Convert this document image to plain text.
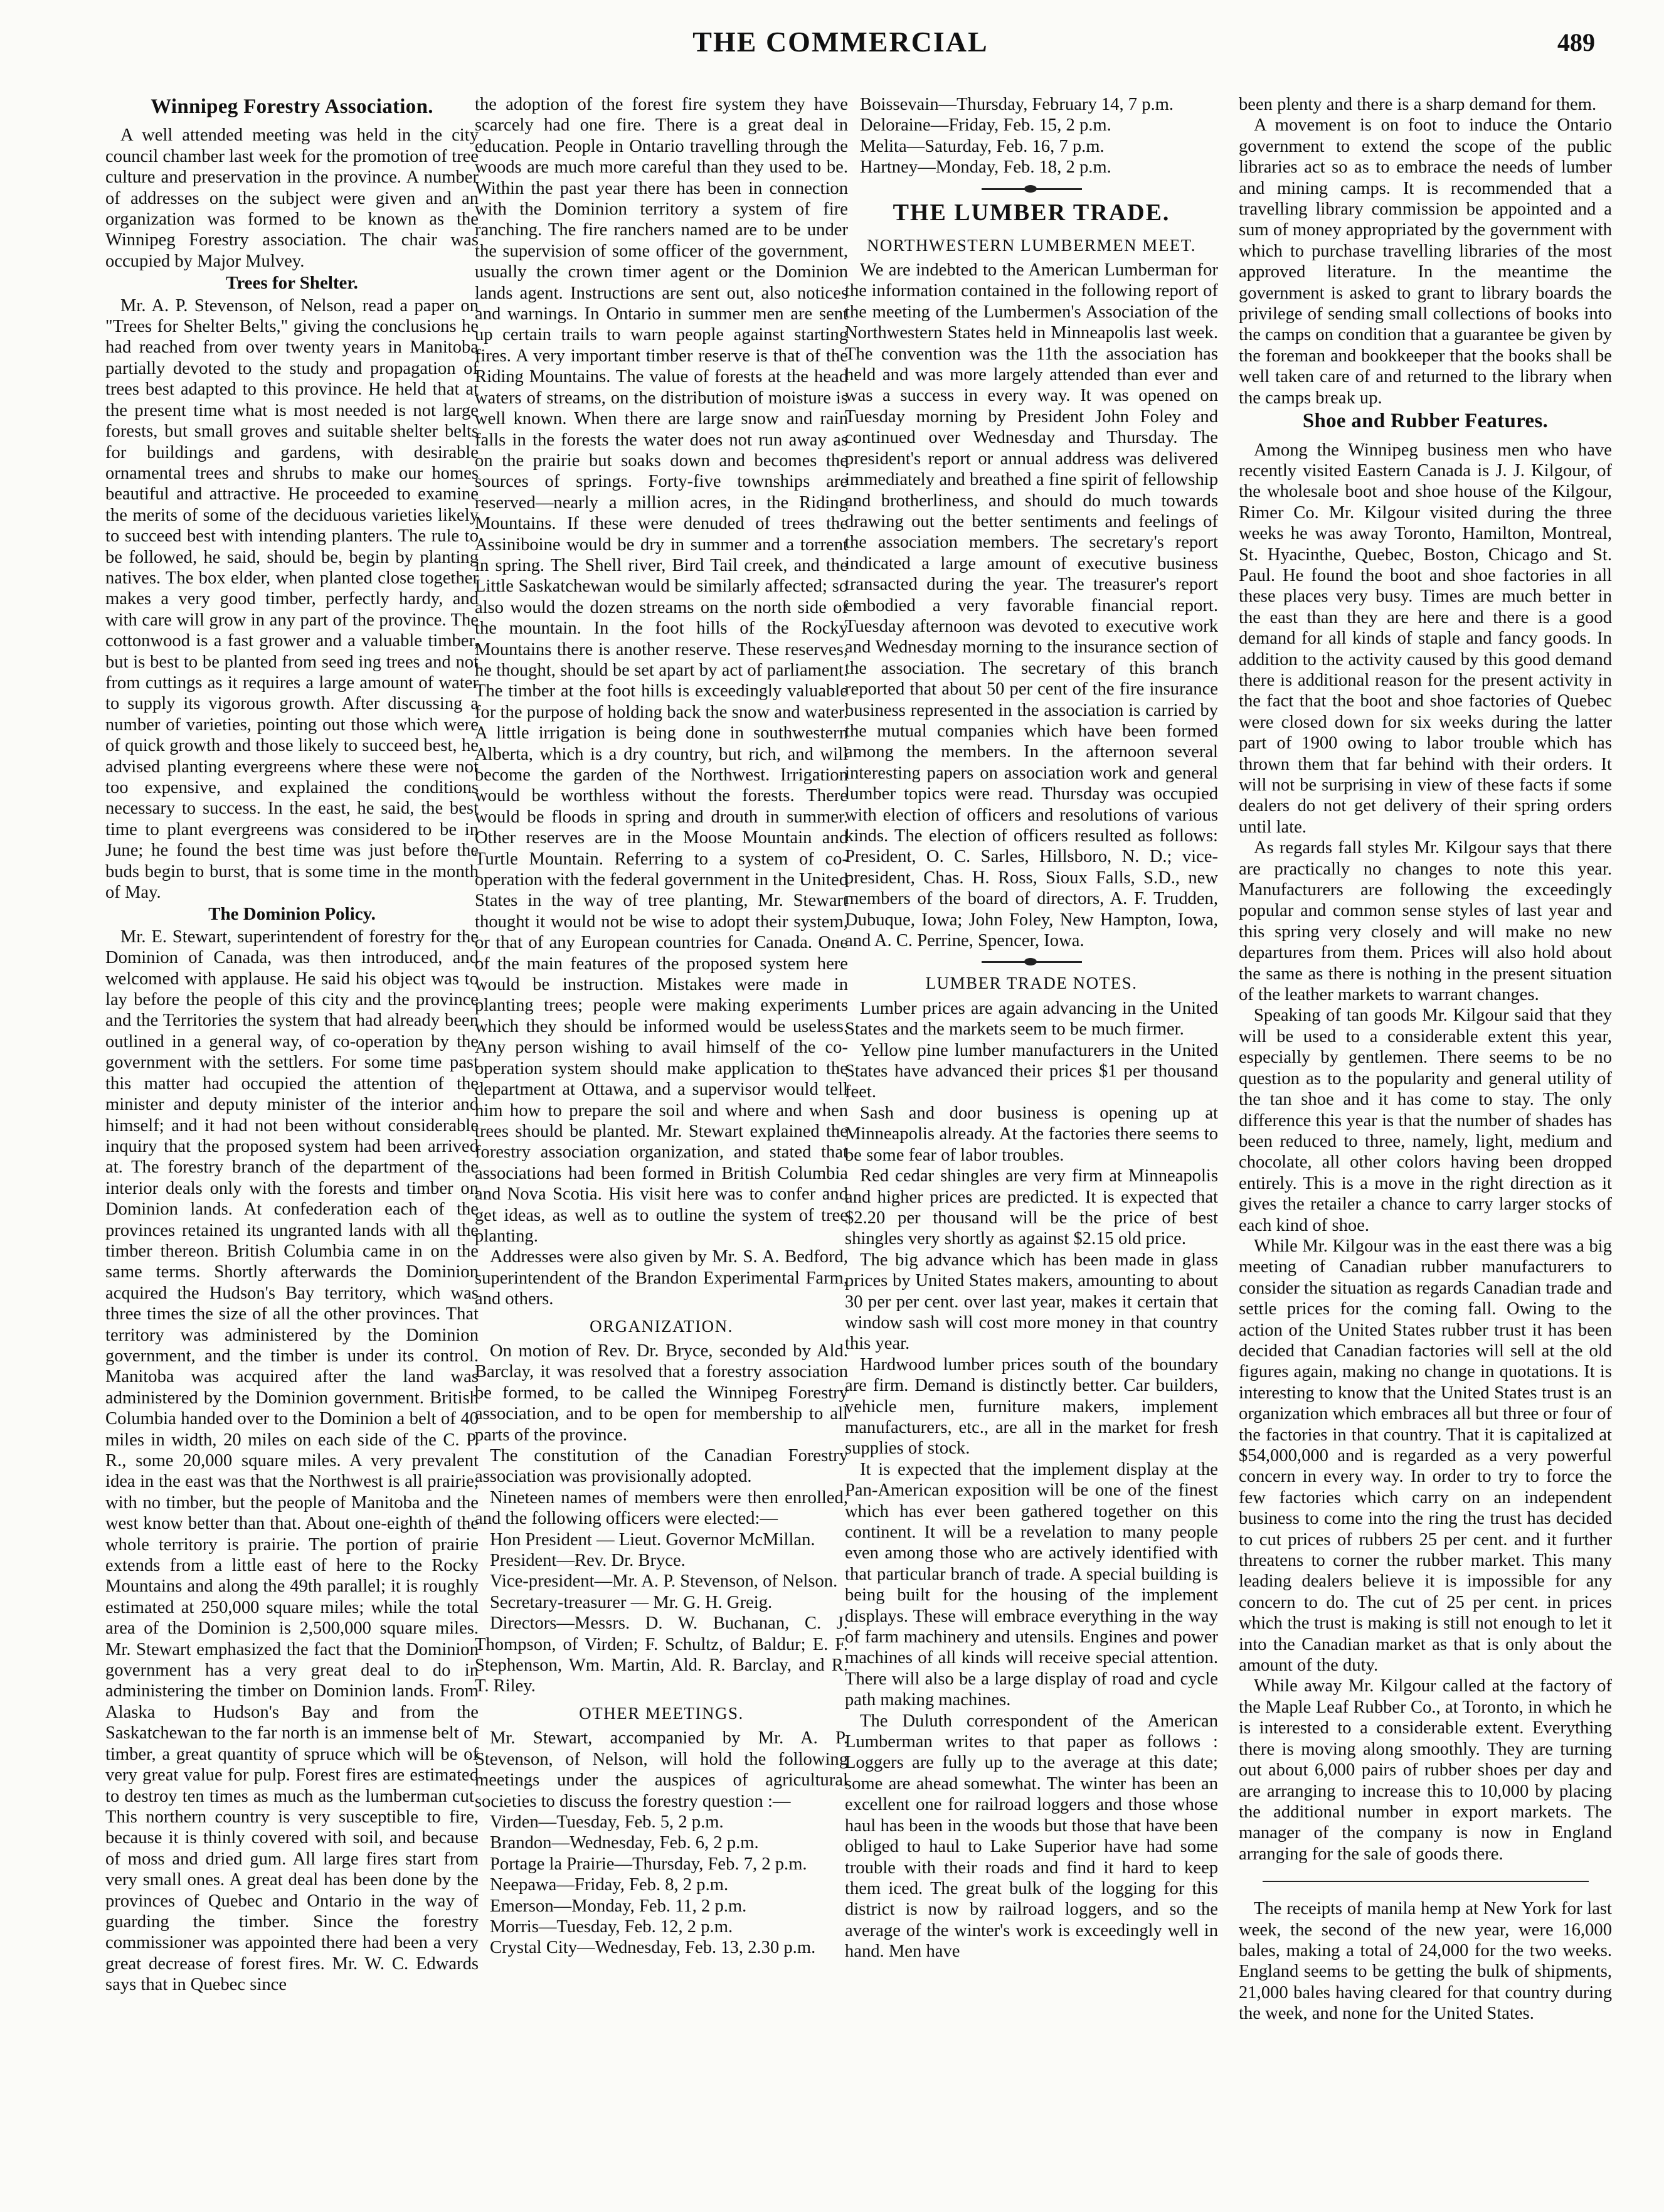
THE COMMERCIAL	489
Winnipeg Forestry Association.

A well attended meeting was held in the city council chamber last week for the promotion of tree culture and preservation in the province. A number of addresses on the subject were given and an organization was formed to be known as the Winnipeg Forestry association. The chair was occupied by Major Mulvey.

Trees for Shelter.

Mr. A. P. Stevenson, of Nelson, read a paper on "Trees for Shelter Belts," giving the conclusions he had reached from over twenty years in Manitoba partially devoted to the study and propagation of trees best adapted to this province. He held that at the present time what is most needed is not large forests, but small groves and suitable shelter belts for buildings and gardens, with desirable ornamental trees and shrubs to make our homes beautiful and attractive. He proceeded to examine the merits of some of the deciduous varieties likely to succeed best with intending planters. The rule to be followed, he said, should be, begin by planting natives. The box elder, when planted close together makes a very good timber, perfectly hardy, and with care will grow in any part of the province. The cottonwood is a fast grower and a valuable timber, but is best to be planted from seed ing trees and not from cuttings as it requires a large amount of water to supply its vigorous growth. After discussing a number of varieties, pointing out those which were of quick growth and those likely to succeed best, he advised planting evergreens where these were not too expensive, and explained the conditions necessary to success. In the east, he said, the best time to plant evergreens was considered to be in June; he found the best time was just before the buds begin to burst, that is some time in the month of May.

The Dominion Policy.

Mr. E. Stewart, superintendent of forestry for the Dominion of Canada, was then introduced, and welcomed with applause. He said his object was to lay before the people of this city and the province and the Territories the system that had already been outlined in a general way, of co-operation by the government with the settlers. For some time past this matter had occupied the attention of the minister and deputy minister of the interior and himself; and it had not been without considerable inquiry that the proposed system had been arrived at. The forestry branch of the department of the interior deals only with the forests and timber on Dominion lands. At confederation each of the provinces retained its ungranted lands with all the timber thereon. British Columbia came in on the same terms. Shortly afterwards the Dominion acquired the Hudson's Bay territory, which was three times the size of all the other provinces. That territory was administered by the Dominion government, and the timber is under its control. Manitoba was acquired after the land was administered by the Dominion government. British Columbia handed over to the Dominion a belt of 40 miles in width, 20 miles on each side of the C. P. R., some 20,000 square miles. A very prevalent idea in the east was that the Northwest is all prairie, with no timber, but the people of Manitoba and the west know better than that. About one-eighth of the whole territory is prairie. The portion of prairie extends from a little east of here to the Rocky Mountains and along the 49th parallel; it is roughly estimated at 250,000 square miles; while the total area of the Dominion is 2,500,000 square miles. Mr. Stewart emphasized the fact that the Dominion government has a very great deal to do in administering the timber on Dominion lands. From Alaska to Hudson's Bay and from the Saskatchewan to the far north is an immense belt of timber, a great quantity of spruce which will be of very great value for pulp. Forest fires are estimated to destroy ten times as much as the lumberman cut. This northern country is very susceptible to fire, because it is thinly covered with soil, and because of moss and dried gum. All large fires start from very small ones. A great deal has been done by the provinces of Quebec and Ontario in the way of guarding the timber. Since the forestry commissioner was appointed there had been a very great decrease of forest fires. Mr. W. C. Edwards says that in Quebec since

the adoption of the forest fire system they have scarcely had one fire. There is a great deal in education. People in Ontario travelling through the woods are much more careful than they used to be. Within the past year there has been in connection with the Dominion territory a system of fire ranching. The fire ranchers named are to be under the supervision of some officer of the government, usually the crown timer agent or the Dominion lands agent. Instructions are sent out, also notices and warnings. In Ontario in summer men are sent up certain trails to warn people against starting fires. A very important timber reserve is that of the Riding Mountains. The value of forests at the head waters of streams, on the distribution of moisture is well known. When there are large snow and rain falls in the forests the water does not run away as on the prairie but soaks down and becomes the sources of springs. Forty-five townships are reserved—nearly a million acres, in the Riding Mountains. If these were denuded of trees the Assiniboine would be dry in summer and a torrent in spring. The Shell river, Bird Tail creek, and the Little Saskatchewan would be similarly affected; so also would the dozen streams on the north side of the mountain. In the foot hills of the Rocky Mountains there is another reserve. These reserves, he thought, should be set apart by act of parliament. The timber at the foot hills is exceedingly valuable for the purpose of holding back the snow and water. A little irrigation is being done in southwestern Alberta, which is a dry country, but rich, and will become the garden of the Northwest. Irrigation would be worthless without the forests. There would be floods in spring and drouth in summer. Other reserves are in the Moose Mountain and Turtle Mountain. Referring to a system of co-operation with the federal government in the United States in the way of tree planting, Mr. Stewart thought it would not be wise to adopt their system, or that of any European countries for Canada. One of the main features of the proposed system here would be instruction. Mistakes were made in planting trees; people were making experiments which they should be informed would be useless. Any person wishing to avail himself of the co-operation system should make application to the department at Ottawa, and a supervisor would tell him how to prepare the soil and where and when trees should be planted. Mr. Stewart explained the forestry association organization, and stated that associations had been formed in British Columbia and Nova Scotia. His visit here was to confer and get ideas, as well as to outline the system of tree planting.

Addresses were also given by Mr. S. A. Bedford, superintendent of the Brandon Experimental Farm, and others.

ORGANIZATION.

On motion of Rev. Dr. Bryce, seconded by Ald. Barclay, it was resolved that a forestry association be formed, to be called the Winnipeg Forestry association, and to be open for membership to all parts of the province.

The constitution of the Canadian Forestry association was provisionally adopted.

Nineteen names of members were then enrolled, and the following officers were elected:—

Hon President — Lieut. Governor McMillan.

President—Rev. Dr. Bryce.

Vice-president—Mr. A. P. Stevenson, of Nelson.

Secretary-treasurer — Mr. G. H. Greig.

Directors—Messrs. D. W. Buchanan, C. J. Thompson, of Virden; F. Schultz, of Baldur; E. F. Stephenson, Wm. Martin, Ald. R. Barclay, and R. T. Riley.

OTHER MEETINGS.

Mr. Stewart, accompanied by Mr. A. P. Stevenson, of Nelson, will hold the following meetings under the auspices of agricultural societies to discuss the forestry question :—

Virden—Tuesday, Feb. 5, 2 p.m.

Brandon—Wednesday, Feb. 6, 2 p.m.

Portage la Prairie—Thursday, Feb. 7, 2 p.m.

Neepawa—Friday, Feb. 8, 2 p.m.

Emerson—Monday, Feb. 11, 2 p.m.

Morris—Tuesday, Feb. 12, 2 p.m.

Crystal City—Wednesday, Feb. 13, 2.30 p.m.

Boissevain—Thursday, February 14, 7 p.m.

Deloraine—Friday, Feb. 15, 2 p.m.

Melita—Saturday, Feb. 16, 7 p.m.

Hartney—Monday, Feb. 18, 2 p.m.

THE LUMBER TRADE.
NORTHWESTERN LUMBERMEN MEET.

We are indebted to the American Lumberman for the information contained in the following report of the meeting of the Lumbermen's Association of the Northwestern States held in Minneapolis last week. The convention was the 11th the association has held and was more largely attended than ever and was a success in every way. It was opened on Tuesday morning by President John Foley and continued over Wednesday and Thursday. The president's report or annual address was delivered immediately and breathed a fine spirit of fellowship and brotherliness, and should do much towards drawing out the better sentiments and feelings of the association members. The secretary's report indicated a large amount of executive business transacted during the year. The treasurer's report embodied a very favorable financial report. Tuesday afternoon was devoted to executive work and Wednesday morning to the insurance section of the association. The secretary of this branch reported that about 50 per cent of the fire insurance business represented in the association is carried by the mutual companies which have been formed among the members. In the afternoon several interesting papers on association work and general lumber topics were read. Thursday was occupied with election of officers and resolutions of various kinds. The election of officers resulted as follows: President, O. C. Sarles, Hillsboro, N. D.; vice-president, Chas. H. Ross, Sioux Falls, S.D., new members of the board of directors, A. F. Trudden, Dubuque, Iowa; John Foley, New Hampton, Iowa, and A. C. Perrine, Spencer, Iowa.

LUMBER TRADE NOTES.

Lumber prices are again advancing in the United States and the markets seem to be much firmer.

Yellow pine lumber manufacturers in the United States have advanced their prices $1 per thousand feet.

Sash and door business is opening up at Minneapolis already. At the factories there seems to be some fear of labor troubles.

Red cedar shingles are very firm at Minneapolis and higher prices are predicted. It is expected that $2.20 per thousand will be the price of best shingles very shortly as against $2.15 old price.

The big advance which has been made in glass prices by United States makers, amounting to about 30 per per cent. over last year, makes it certain that window sash will cost more money in that country this year.

Hardwood lumber prices south of the boundary are firm. Demand is distinctly better. Car builders, vehicle men, furniture makers, implement manufacturers, etc., are all in the market for fresh supplies of stock.

It is expected that the implement display at the Pan-American exposition will be one of the finest which has ever been gathered together on this continent. It will be a revelation to many people even among those who are actively identified with that particular branch of trade. A special building is being built for the housing of the implement displays. These will embrace everything in the way of farm machinery and utensils. Engines and power machines of all kinds will receive special attention. There will also be a large display of road and cycle path making machines.

The Duluth correspondent of the American Lumberman writes to that paper as follows : Loggers are fully up to the average at this date; some are ahead somewhat. The winter has been an excellent one for railroad loggers and those whose haul has been in the woods but those that have been obliged to haul to Lake Superior have had some trouble with their roads and find it hard to keep them iced. The great bulk of the logging for this district is now by railroad loggers, and so the average of the winter's work is exceedingly well in hand. Men have

been plenty and there is a sharp demand for them.

A movement is on foot to induce the Ontario government to extend the scope of the public libraries act so as to embrace the needs of lumber and mining camps. It is recommended that a travelling library commission be appointed and a sum of money appropriated by the government with which to purchase travelling libraries of the most approved literature. In the meantime the government is asked to grant to library boards the privilege of sending small collections of books into the camps on condition that a guarantee be given by the foreman and bookkeeper that the books shall be well taken care of and returned to the library when the camps break up.

Shoe and Rubber Features.

Among the Winnipeg business men who have recently visited Eastern Canada is J. J. Kilgour, of the wholesale boot and shoe house of the Kilgour, Rimer Co. Mr. Kilgour visited during the three weeks he was away Toronto, Hamilton, Montreal, St. Hyacinthe, Quebec, Boston, Chicago and St. Paul. He found the boot and shoe factories in all these places very busy. Times are much better in the east than they are here and there is a good demand for all kinds of staple and fancy goods. In addition to the activity caused by this good demand there is additional reason for the present activity in the fact that the boot and shoe factories of Quebec were closed down for six weeks during the latter part of 1900 owing to labor trouble which has thrown them that far behind with their orders. It will not be surprising in view of these facts if some dealers do not get delivery of their spring orders until late.

As regards fall styles Mr. Kilgour says that there are practically no changes to note this year. Manufacturers are following the exceedingly popular and common sense styles of last year and this spring very closely and will make no new departures from them. Prices will also hold about the same as there is nothing in the present situation of the leather markets to warrant changes.

Speaking of tan goods Mr. Kilgour said that they will be used to a considerable extent this year, especially by gentlemen. There seems to be no question as to the popularity and general utility of the tan shoe and it has come to stay. The only difference this year is that the number of shades has been reduced to three, namely, light, medium and chocolate, all other colors having been dropped entirely. This is a move in the right direction as it gives the retailer a chance to carry larger stocks of each kind of shoe.

While Mr. Kilgour was in the east there was a big meeting of Canadian rubber manufacturers to consider the situation as regards Canadian trade and settle prices for the coming fall. Owing to the action of the United States rubber trust it has been decided that Canadian factories will sell at the old figures again, making no change in quotations. It is interesting to know that the United States trust is an organization which embraces all but three or four of the factories in that country. That it is capitalized at $54,000,000 and is regarded as a very powerful concern in every way. In order to try to force the few factories which carry on an independent business to come into the ring the trust has decided to cut prices of rubbers 25 per cent. and it further threatens to corner the rubber market. This many leading dealers believe it is impossible for any concern to do. The cut of 25 per cent. in prices which the trust is making is still not enough to let it into the Canadian market as that is only about the amount of the duty.

While away Mr. Kilgour called at the factory of the Maple Leaf Rubber Co., at Toronto, in which he is interested to a considerable extent. Everything there is moving along smoothly. They are turning out about 6,000 pairs of rubber shoes per day and are arranging to increase this to 10,000 by placing the additional number in export markets. The manager of the company is now in England arranging for the sale of goods there.

The receipts of manila hemp at New York for last week, the second of the new year, were 16,000 bales, making a total of 24,000 for the two weeks. England seems to be getting the bulk of shipments, 21,000 bales having cleared for that country during the week, and none for the United States.
